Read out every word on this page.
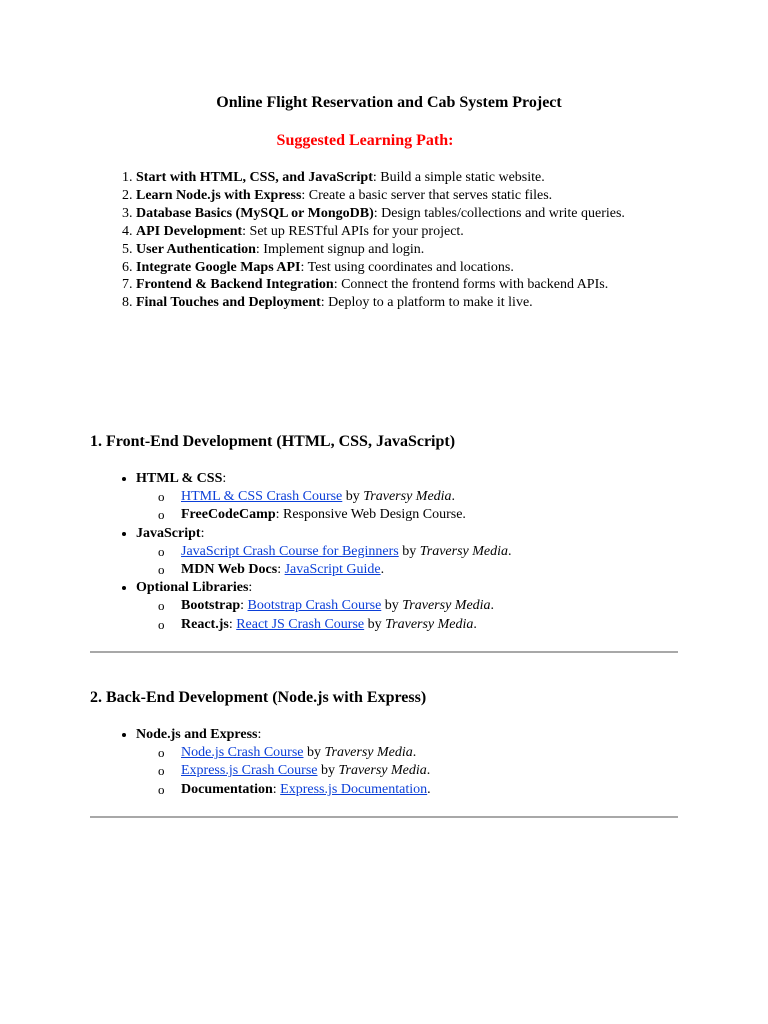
Online Flight Reservation and Cab System Project
Suggested Learning Path:
1. Start with HTML, CSS, and JavaScript: Build a simple static website.
2. Learn Node.js with Express: Create a basic server that serves static files.
3. Database Basics (MySQL or MongoDB): Design tables/collections and write queries.
4. API Development: Set up RESTful APIs for your project.
5. User Authentication: Implement signup and login.
6. Integrate Google Maps API: Test using coordinates and locations.
7. Frontend & Backend Integration: Connect the frontend forms with backend APIs.
8. Final Touches and Deployment: Deploy to a platform to make it live.
1. Front-End Development (HTML, CSS, JavaScript)
• HTML & CSS:
o HTML & CSS Crash Course by Traversy Media.
o FreeCodeCamp: Responsive Web Design Course.
• JavaScript:
o JavaScript Crash Course for Beginners by Traversy Media.
o MDN Web Docs: JavaScript Guide.
• Optional Libraries:
o Bootstrap: Bootstrap Crash Course by Traversy Media.
o React.js: React JS Crash Course by Traversy Media.
2. Back-End Development (Node.js with Express)
• Node.js and Express:
o Node.js Crash Course by Traversy Media.
o Express.js Crash Course by Traversy Media.
o Documentation: Express.js Documentation.
